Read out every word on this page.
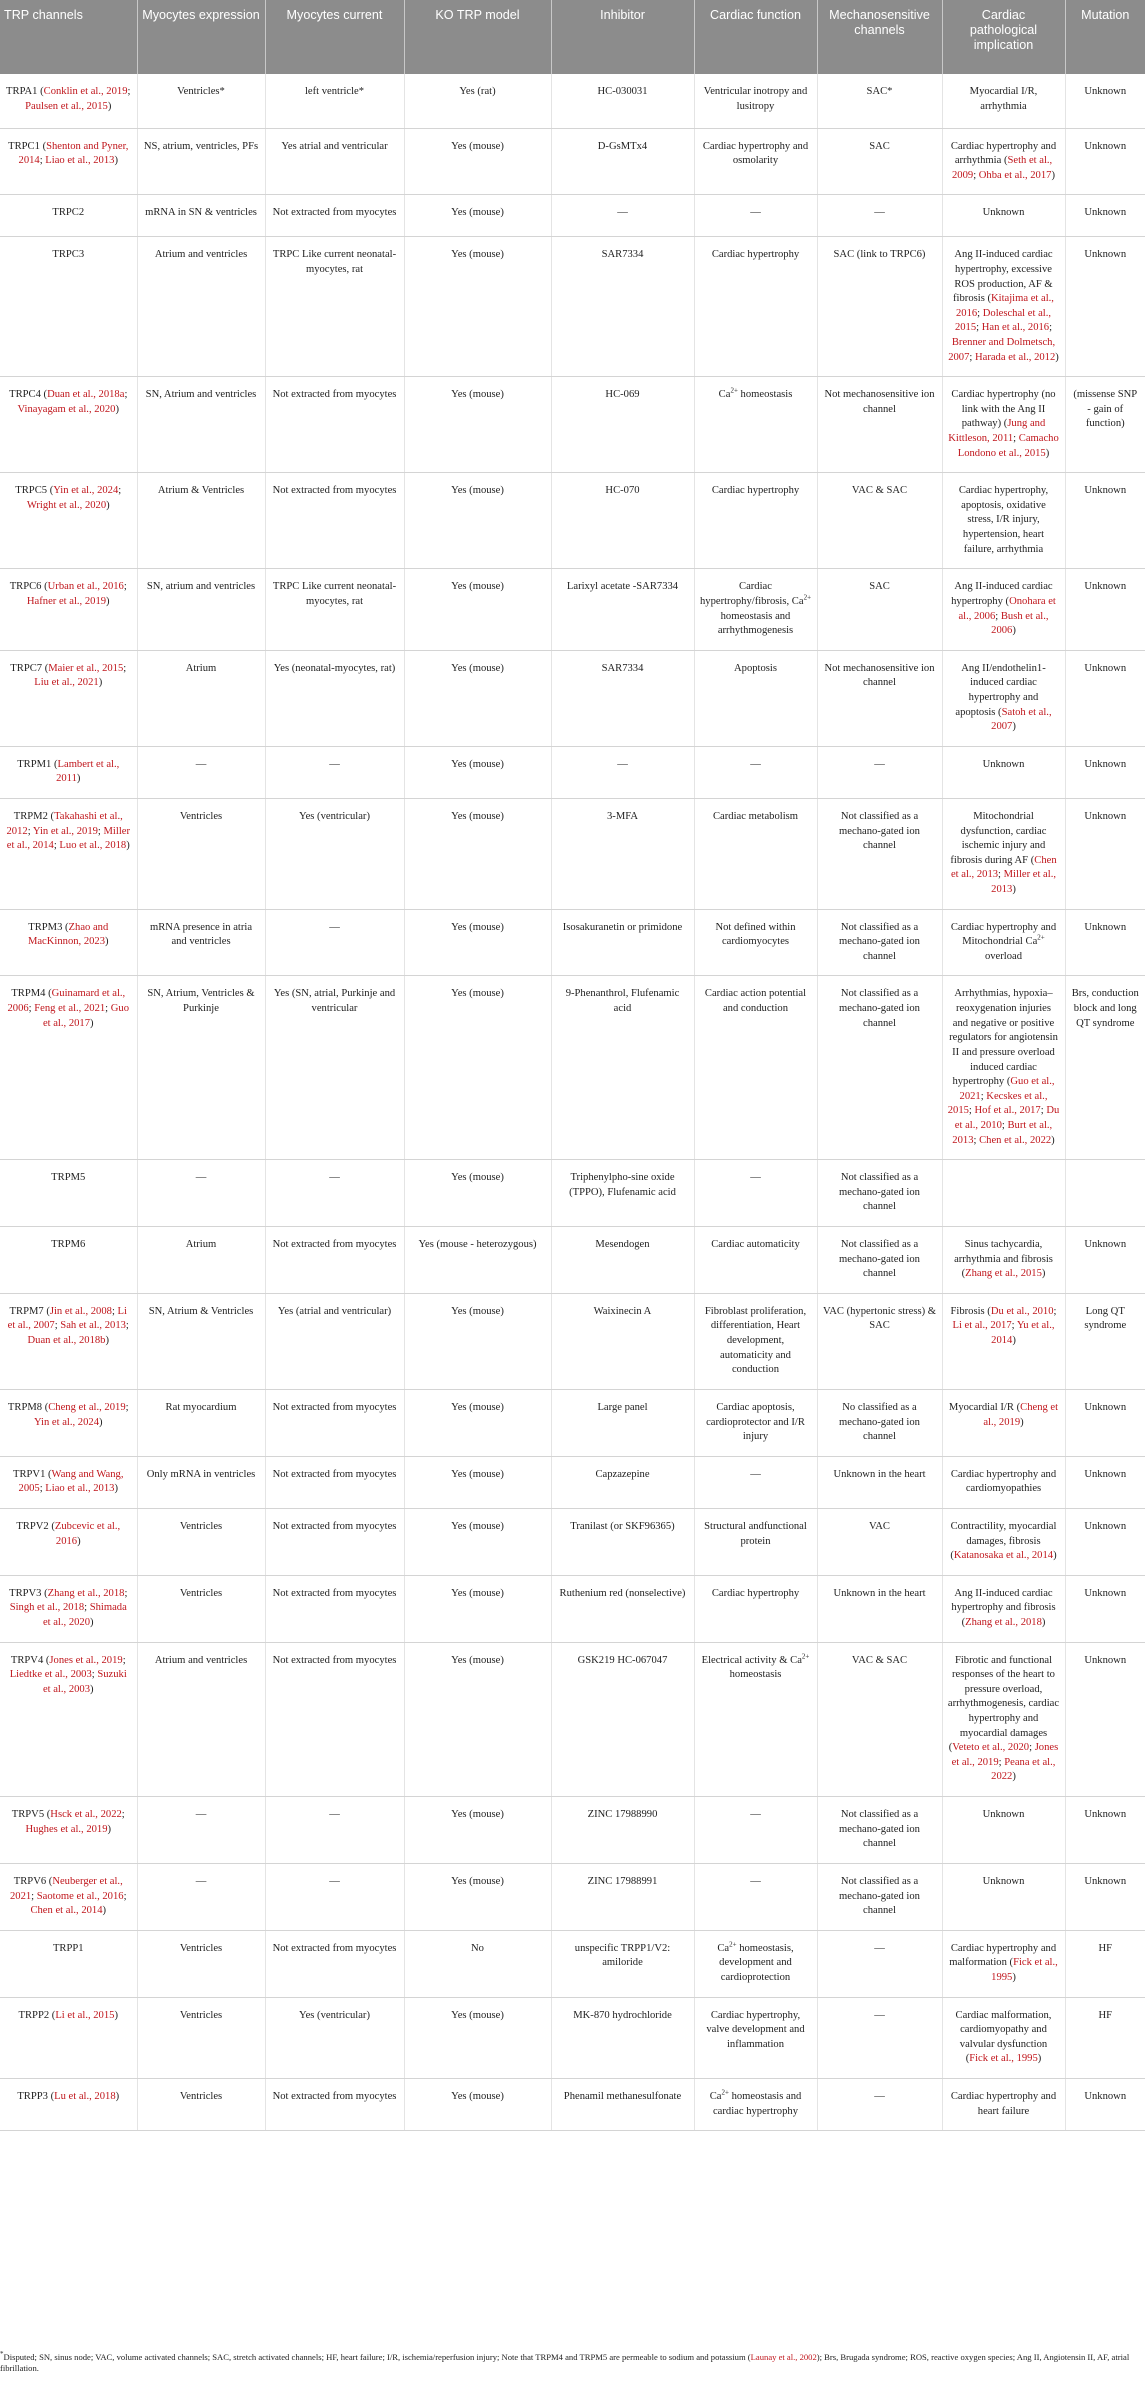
TRP channels	Myocytes expression	Myocytes current	KO TRP model	Inhibitor	Cardiac function	Mechanosensitive channels	Cardiac pathological implication	Mutation
TRPA1 (Conklin et al., 2019; Paulsen et al., 2015)	Ventricles*	left ventricle*	Yes (rat)	HC-030031	Ventricular inotropy and lusitropy	SAC*	Myocardial I/R, arrhythmia	Unknown
TRPC1 (Shenton and Pyner, 2014; Liao et al., 2013)	NS, atrium, ventricles, PFs	Yes atrial and ventricular	Yes (mouse)	D-GsMTx4	Cardiac hypertrophy and osmolarity	SAC	Cardiac hypertrophy and arrhythmia (Seth et al., 2009; Ohba et al., 2017)	Unknown
TRPC2	mRNA in SN & ventricles	Not extracted from myocytes	Yes (mouse)	—	—	—	Unknown	Unknown
TRPC3	Atrium and ventricles	TRPC Like current neonatal-myocytes, rat	Yes (mouse)	SAR7334	Cardiac hypertrophy	SAC (link to TRPC6)	Ang II-induced cardiac hypertrophy, excessive ROS production, AF & fibrosis (Kitajima et al., 2016; Doleschal et al., 2015; Han et al., 2016; Brenner and Dolmetsch, 2007; Harada et al., 2012)	Unknown
TRPC4 (Duan et al., 2018a; Vinayagam et al., 2020)	SN, Atrium and ventricles	Not extracted from myocytes	Yes (mouse)	HC-069	$Ca^{2+}$ homeostasis	Not mechanosensitive ion channel	Cardiac hypertrophy (no link with the Ang II pathway) (Jung and Kittleson, 2011; Camacho Londono et al., 2015)	(missense SNP - gain of function)
TRPC5 (Yin et al., 2024; Wright et al., 2020)	Atrium & Ventricles	Not extracted from myocytes	Yes (mouse)	HC-070	Cardiac hypertrophy	VAC & SAC	Cardiac hypertrophy, apoptosis, oxidative stress, I/R injury, hypertension, heart failure, arrhythmia	Unknown
TRPC6 (Urban et al., 2016; Hafner et al., 2019)	SN, atrium and ventricles	TRPC Like current neonatal-myocytes, rat	Yes (mouse)	Larixyl acetate -SAR7334	Cardiac hypertrophy/fibrosis, $Ca^{2+}$ homeostasis and arrhythmogenesis	SAC	Ang II-induced cardiac hypertrophy (Onohara et al., 2006; Bush et al., 2006)	Unknown
TRPC7 (Maier et al., 2015; Liu et al., 2021)	Atrium	Yes (neonatal-myocytes, rat)	Yes (mouse)	SAR7334	Apoptosis	Not mechanosensitive ion channel	Ang II/endothelin1-induced cardiac hypertrophy and apoptosis (Satoh et al., 2007)	Unknown
TRPM1 (Lambert et al., 2011)	—	—	Yes (mouse)	—	—	—	Unknown	Unknown
TRPM2 (Takahashi et al., 2012; Yin et al., 2019; Miller et al., 2014; Luo et al., 2018)	Ventricles	Yes (ventricular)	Yes (mouse)	3-MFA	Cardiac metabolism	Not classified as a mechano-gated ion channel	Mitochondrial dysfunction, cardiac ischemic injury and fibrosis during AF (Chen et al., 2013; Miller et al., 2013)	Unknown
TRPM3 (Zhao and MacKinnon, 2023)	mRNA presence in atria and ventricles	—	Yes (mouse)	Isosakuranetin or primidone	Not defined within cardiomyocytes	Not classified as a mechano-gated ion channel	Cardiac hypertrophy and Mitochondrial $Ca^{2+}$ overload	Unknown
TRPM4 (Guinamard et al., 2006; Feng et al., 2021; Guo et al., 2017)	SN, Atrium, Ventricles & Purkinje	Yes (SN, atrial, Purkinje and ventricular	Yes (mouse)	9-Phenanthrol, Flufenamic acid	Cardiac action potential and conduction	Not classified as a mechano-gated ion channel	Arrhythmias, hypoxia–reoxygenation injuries and negative or positive regulators for angiotensin II and pressure overload induced cardiac hypertrophy (Guo et al., 2021; Kecskes et al., 2015; Hof et al., 2017; Du et al., 2010; Burt et al., 2013; Chen et al., 2022)	Brs, conduction block and long QT syndrome
TRPM5	—	—	Yes (mouse)	Triphenylpho-sine oxide (TPPO), Flufenamic acid	—	Not classified as a mechano-gated ion channel		
TRPM6	Atrium	Not extracted from myocytes	Yes (mouse - heterozygous)	Mesendogen	Cardiac automaticity	Not classified as a mechano-gated ion channel	Sinus tachycardia, arrhythmia and fibrosis (Zhang et al., 2015)	Unknown
TRPM7 (Jin et al., 2008; Li et al., 2007; Sah et al., 2013; Duan et al., 2018b)	SN, Atrium & Ventricles	Yes (atrial and ventricular)	Yes (mouse)	Waixinecin A	Fibroblast proliferation, differentiation, Heart development, automaticity and conduction	VAC (hypertonic stress) & SAC	Fibrosis (Du et al., 2010; Li et al., 2017; Yu et al., 2014)	Long QT syndrome
TRPM8 (Cheng et al., 2019; Yin et al., 2024)	Rat myocardium	Not extracted from myocytes	Yes (mouse)	Large panel	Cardiac apoptosis, cardioprotector and I/R injury	No classified as a mechano-gated ion channel	Myocardial I/R (Cheng et al., 2019)	Unknown
TRPV1 (Wang and Wang, 2005; Liao et al., 2013)	Only mRNA in ventricles	Not extracted from myocytes	Yes (mouse)	Capzazepine	—	Unknown in the heart	Cardiac hypertrophy and cardiomyopathies	Unknown
TRPV2 (Zubcevic et al., 2016)	Ventricles	Not extracted from myocytes	Yes (mouse)	Tranilast (or SKF96365)	Structural andfunctional protein	VAC	Contractility, myocardial damages, fibrosis (Katanosaka et al., 2014)	Unknown
TRPV3 (Zhang et al., 2018; Singh et al., 2018; Shimada et al., 2020)	Ventricles	Not extracted from myocytes	Yes (mouse)	Ruthenium red (nonselective)	Cardiac hypertrophy	Unknown in the heart	Ang II-induced cardiac hypertrophy and fibrosis (Zhang et al., 2018)	Unknown
TRPV4 (Jones et al., 2019; Liedtke et al., 2003; Suzuki et al., 2003)	Atrium and ventricles	Not extracted from myocytes	Yes (mouse)	GSK219 HC-067047	Electrical activity & $Ca^{2+}$ homeostasis	VAC & SAC	Fibrotic and functional responses of the heart to pressure overload, arrhythmogenesis, cardiac hypertrophy and myocardial damages (Veteto et al., 2020; Jones et al., 2019; Peana et al., 2022)	Unknown
TRPV5 (Hsck et al., 2022; Hughes et al., 2019)	—	—	Yes (mouse)	ZINC 17988990	—	Not classified as a mechano-gated ion channel	Unknown	Unknown
TRPV6 (Neuberger et al., 2021; Saotome et al., 2016; Chen et al., 2014)	—	—	Yes (mouse)	ZINC 17988991	—	Not classified as a mechano-gated ion channel	Unknown	Unknown
TRPP1	Ventricles	Not extracted from myocytes	No	unspecific TRPP1/V2: amiloride	$Ca^{2+}$ homeostasis, development and cardioprotection	—	Cardiac hypertrophy and malformation (Fick et al., 1995)	HF
TRPP2 (Li et al., 2015)	Ventricles	Yes (ventricular)	Yes (mouse)	MK-870 hydrochloride	Cardiac hypertrophy, valve development and inflammation	—	Cardiac malformation, cardiomyopathy and valvular dysfunction (Fick et al., 1995)	HF
TRPP3 (Lu et al., 2018)	Ventricles	Not extracted from myocytes	Yes (mouse)	Phenamil methanesulfonate	$Ca^{2+}$ homeostasis and cardiac hypertrophy	—	Cardiac hypertrophy and heart failure	Unknown
*Disputed; SN, sinus node; VAC, volume activated channels; SAC, stretch activated channels; HF, heart failure; I/R, ischemia/reperfusion injury; Note that TRPM4 and TRPM5 are permeable to sodium and potassium (Launay et al., 2002); Brs, Brugada syndrome; ROS, reactive oxygen species; Ang II, Angiotensin II, AF, atrial fibrillation.
